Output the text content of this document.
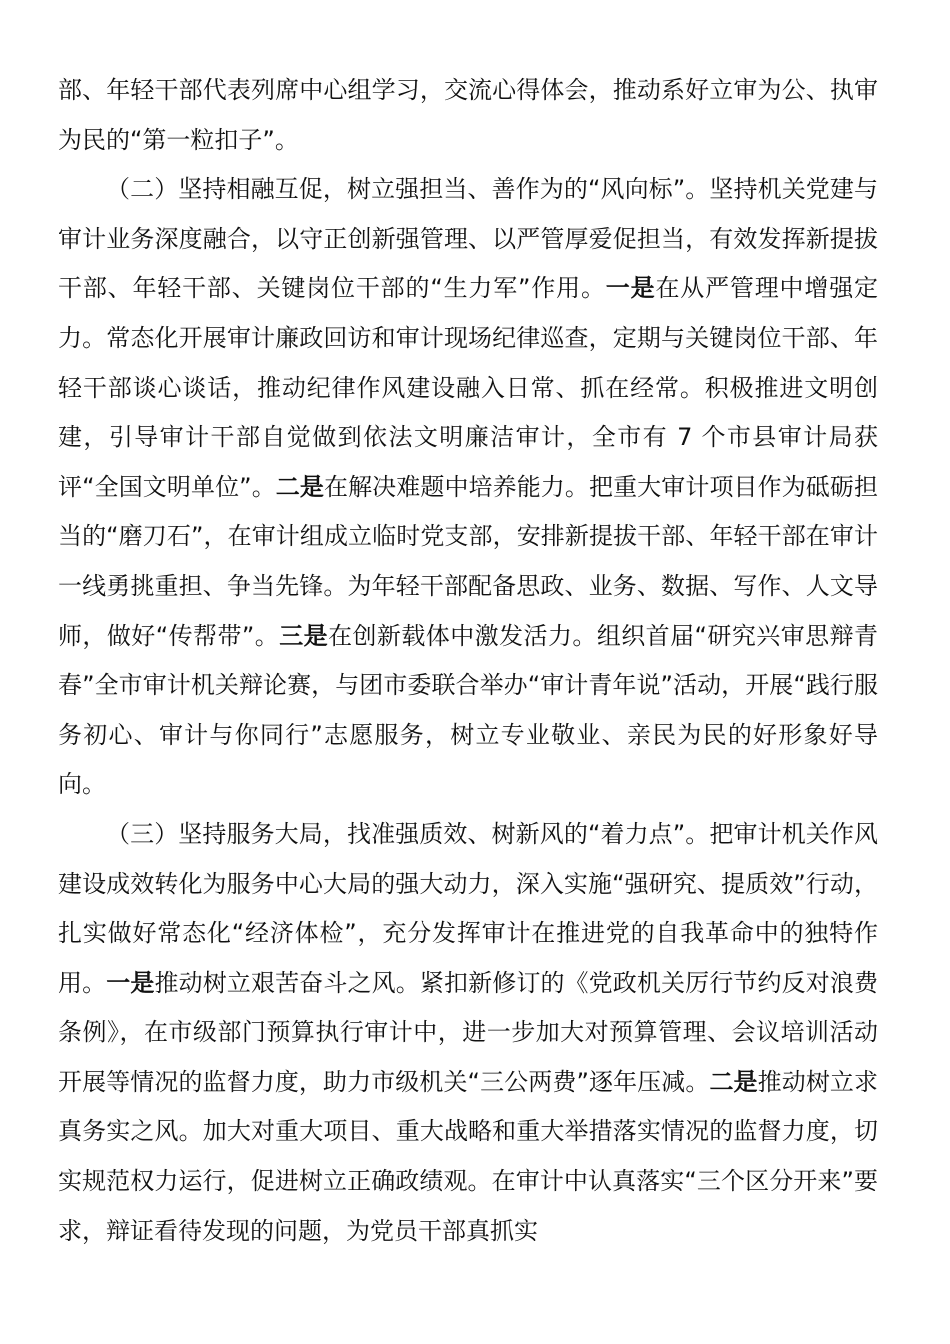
部、年轻干部代表列席中心组学习，交流心得体会，推动系好立审为公、执审为民的“第一粒扣子”。

（二）坚持相融互促，树立强担当、善作为的“风向标”。坚持机关党建与审计业务深度融合，以守正创新强管理、以严管厚爱促担当，有效发挥新提拔干部、年轻干部、关键岗位干部的“生力军”作用。一是在从严管理中增强定力。常态化开展审计廉政回访和审计现场纪律巡查，定期与关键岗位干部、年轻干部谈心谈话，推动纪律作风建设融入日常、抓在经常。积极推进文明创建，引导审计干部自觉做到依法文明廉洁审计，全市有 7 个市县审计局获评“全国文明单位”。二是在解决难题中培养能力。把重大审计项目作为砥砺担当的“磨刀石”，在审计组成立临时党支部，安排新提拔干部、年轻干部在审计一线勇挑重担、争当先锋。为年轻干部配备思政、业务、数据、写作、人文导师，做好“传帮带”。三是在创新载体中激发活力。组织首届“研究兴审思辩青春”全市审计机关辩论赛，与团市委联合举办“审计青年说”活动，开展“践行服务初心、审计与你同行”志愿服务，树立专业敬业、亲民为民的好形象好导向。

（三）坚持服务大局，找准强质效、树新风的“着力点”。把审计机关作风建设成效转化为服务中心大局的强大动力，深入实施“强研究、提质效”行动，扎实做好常态化“经济体检”，充分发挥审计在推进党的自我革命中的独特作用。一是推动树立艰苦奋斗之风。紧扣新修订的《党政机关厉行节约反对浪费条例》，在市级部门预算执行审计中，进一步加大对预算管理、会议培训活动开展等情况的监督力度，助力市级机关“三公两费”逐年压减。二是推动树立求真务实之风。加大对重大项目、重大战略和重大举措落实情况的监督力度，切实规范权力运行，促进树立正确政绩观。在审计中认真落实“三个区分开来”要求，辩证看待发现的问题，为党员干部真抓实
